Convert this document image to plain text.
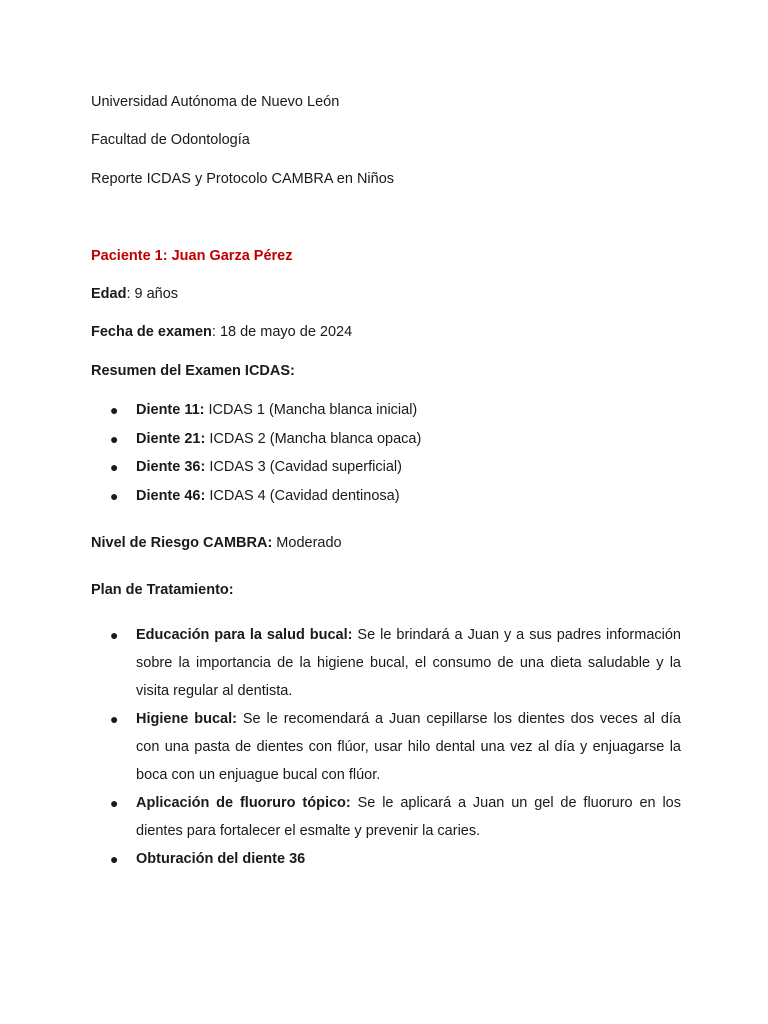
Universidad Autónoma de Nuevo León
Facultad de Odontología
Reporte ICDAS y Protocolo CAMBRA en Niños
Paciente 1: Juan Garza Pérez
Edad: 9 años
Fecha de examen: 18 de mayo de 2024
Resumen del Examen ICDAS:
● Diente 11: ICDAS 1 (Mancha blanca inicial)
● Diente 21: ICDAS 2 (Mancha blanca opaca)
● Diente 36: ICDAS 3 (Cavidad superficial)
● Diente 46: ICDAS 4 (Cavidad dentinosa)
Nivel de Riesgo CAMBRA: Moderado
Plan de Tratamiento:
● Educación para la salud bucal: Se le brindará a Juan y a sus padres información sobre la importancia de la higiene bucal, el consumo de una dieta saludable y la visita regular al dentista.
● Higiene bucal: Se le recomendará a Juan cepillarse los dientes dos veces al día con una pasta de dientes con flúor, usar hilo dental una vez al día y enjuagarse la boca con un enjuague bucal con flúor.
● Aplicación de fluoruro tópico: Se le aplicará a Juan un gel de fluoruro en los dientes para fortalecer el esmalte y prevenir la caries.
● Obturación del diente 36
